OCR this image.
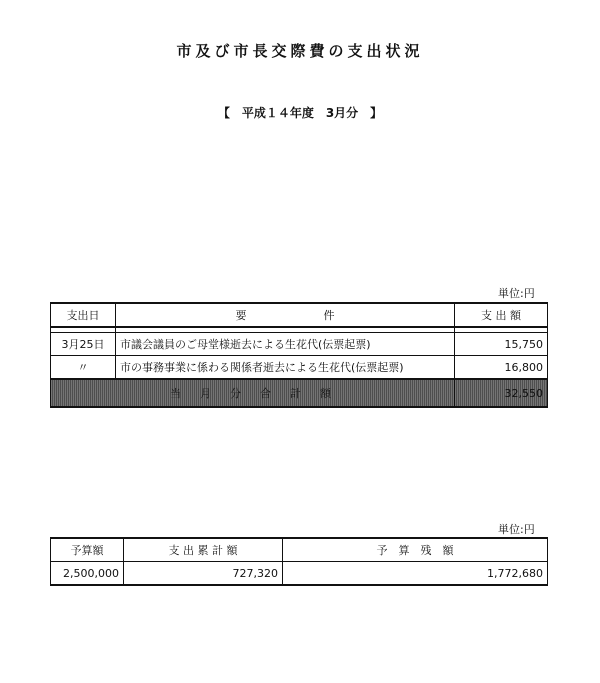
市及び市長交際費の支出状況
【　平成１４年度　3月分　】
単位:円
支出日	要　　　　　　　件	支 出 額

3月25日	市議会議員のご母堂様逝去による生花代(伝票起票)	15,750
〃	市の事務事業に係わる関係者逝去による生花代(伝票起票)	16,800
当　月　分　合　計　額		32,550
単位:円
予算額	支 出 累 計 額	予　算　残　額
2,500,000	727,320	1,772,680
